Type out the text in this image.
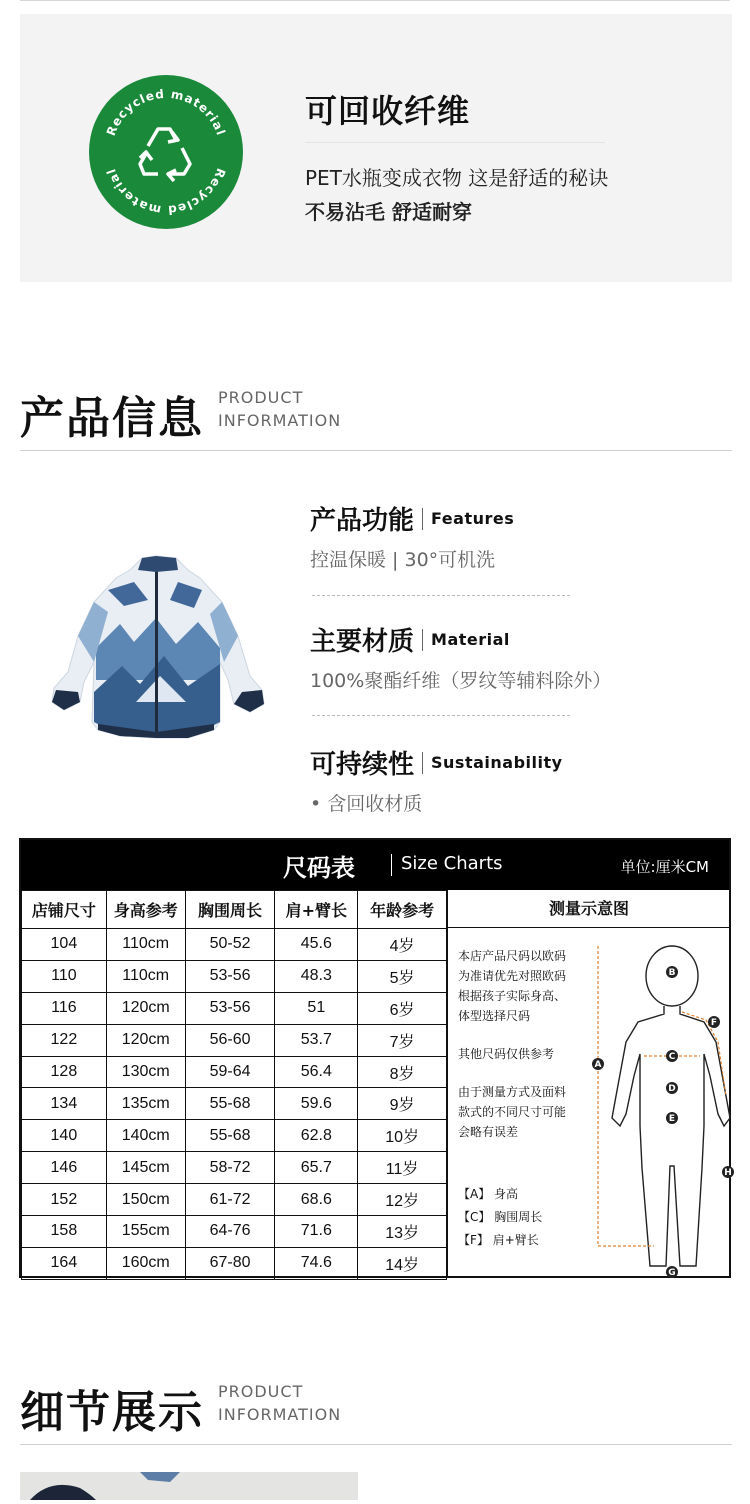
Recycled material
Recycled material
可回收纤维
PET水瓶变成衣物 这是舒适的秘诀
不易沾毛 舒适耐穿
产品信息 PRODUCT
INFORMATION
产品功能 Features
控温保暖 | 30°可机洗
主要材质 Material
100%聚酯纤维（罗纹等辅料除外）
可持续性 Sustainability
• 含回收材质
尺码表	Size Charts	单位:厘米CM
店铺尺寸	身高参考	胸围周长	肩+臂长	年龄参考
104	110cm	50-52	45.6	4岁
110	110cm	53-56	48.3	5岁
116	120cm	53-56	51	6岁
122	120cm	56-60	53.7	7岁
128	130cm	59-64	56.4	8岁
134	135cm	55-68	59.6	9岁
140	140cm	55-68	62.8	10岁
146	145cm	58-72	65.7	11岁
152	150cm	61-72	68.6	12岁
158	155cm	64-76	71.6	13岁
164	160cm	67-80	74.6	14岁
测量示意图
本店产品尺码以欧码
为准请优先对照欧码
根据孩子实际身高、
体型选择尺码
其他尺码仅供参考
由于测量方式及面料
款式的不同尺寸可能
会略有误差
【A】 身高
【C】 胸围周长
【F】 肩+臂长
A
B
C
D
E
F
G
H
细节展示 PRODUCT
INFORMATION
